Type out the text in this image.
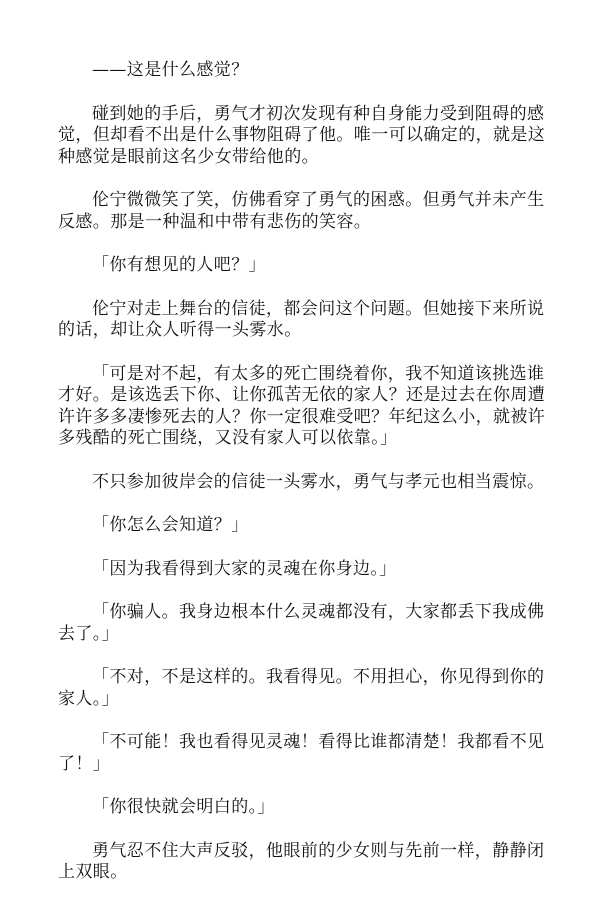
——这是什么感觉？

碰到她的手后，勇气才初次发现有种自身能力受到阻碍的感觉，但却看不出是什么事物阻碍了他。唯一可以确定的，就是这种感觉是眼前这名少女带给他的。

伦宁微微笑了笑，仿佛看穿了勇气的困惑。但勇气并未产生反感。那是一种温和中带有悲伤的笑容。

「你有想见的人吧？」

伦宁对走上舞台的信徒，都会问这个问题。但她接下来所说的话，却让众人听得一头雾水。

「可是对不起，有太多的死亡围绕着你，我不知道该挑选谁才好。是该选丢下你、让你孤苦无依的家人？还是过去在你周遭许许多多凄惨死去的人？你一定很难受吧？年纪这么小，就被许多残酷的死亡围绕，又没有家人可以依靠。」

不只参加彼岸会的信徒一头雾水，勇气与孝元也相当震惊。

「你怎么会知道？」

「因为我看得到大家的灵魂在你身边。」

「你骗人。我身边根本什么灵魂都没有，大家都丢下我成佛去了。」

「不对，不是这样的。我看得见。不用担心，你见得到你的家人。」

「不可能！我也看得见灵魂！看得比谁都清楚！我都看不见了！」

「你很快就会明白的。」

勇气忍不住大声反驳，他眼前的少女则与先前一样，静静闭上双眼。
